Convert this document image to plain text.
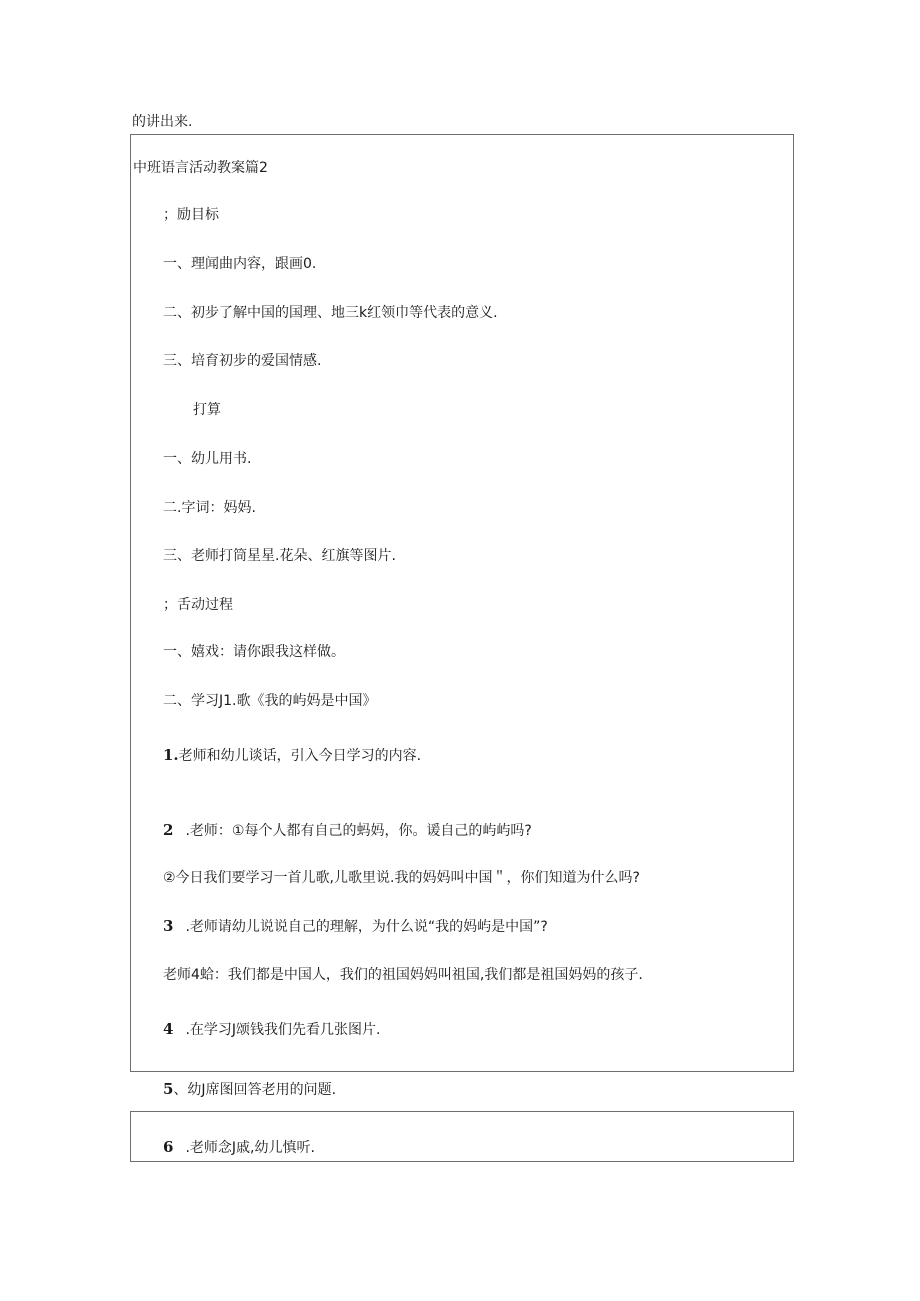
的讲出来.
中班语言活动教案篇2
；励目标
一、理闻曲内容，跟画0.
二、初步了解中国的国理、地三k红领巾等代表的意义.
三、培育初步的爱国情感.
打算
一、幼儿用书.
二.字词：妈妈.
三、老师打筒星星.花朵、红旗等图片.
；舌动过程
一、嬉戏：请你跟我这样做。
二、学习J1.歌《我的屿妈是中国》
1.老师和幼儿谈话，引入今日学习的内容.
2 .老师：①每个人都有自己的蚂妈，你。谖自己的屿屿吗?
②今日我们要学习一首儿歌,儿歌里说.我的妈妈叫中国＂，你们知道为什么吗?
3 .老师请幼儿说说自己的理解，为什么说“我的妈屿是中国”?
老师4蛤：我们都是中国人，我们的祖国妈妈叫祖国,我们都是祖国妈妈的孩子.
4 .在学习J颂钱我们先看几张图片.
5、幼J席图回答老用的问题.
6 .老师念J戚,幼儿慎听.
